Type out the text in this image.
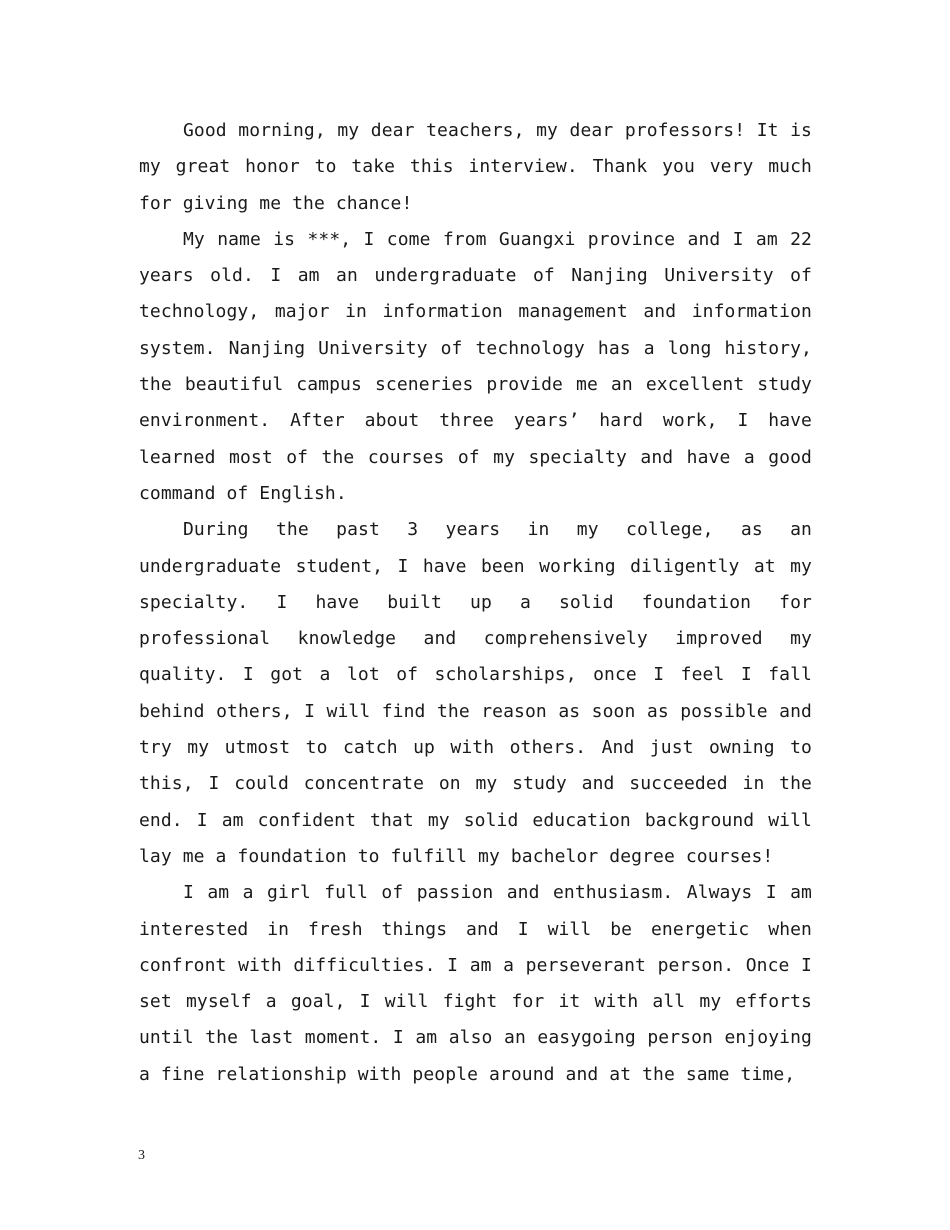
Good morning, my dear teachers, my dear professors! It is my great honor to take this interview. Thank you very much for giving me the chance!

My name is ***, I come from Guangxi province and I am 22 years old. I am an undergraduate of Nanjing University of technology, major in information management and information system. Nanjing University of technology has a long history, the beautiful campus sceneries provide me an excellent study environment. After about three years’ hard work, I have learned most of the courses of my specialty and have a good command of English.

During the past 3 years in my college, as an undergraduate student, I have been working diligently at my specialty. I have built up a solid foundation for professional knowledge and comprehensively improved my quality. I got a lot of scholarships, once I feel I fall behind others, I will find the reason as soon as possible and try my utmost to catch up with others. And just owning to this, I could concentrate on my study and succeeded in the end. I am confident that my solid education background will lay me a foundation to fulfill my bachelor degree courses!

I am a girl full of passion and enthusiasm. Always I am interested in fresh things and I will be energetic when confront with difficulties. I am a perseverant person. Once I set myself a goal, I will fight for it with all my efforts until the last moment. I am also an easygoing person enjoying a fine relationship with people around and at the same time,

3
